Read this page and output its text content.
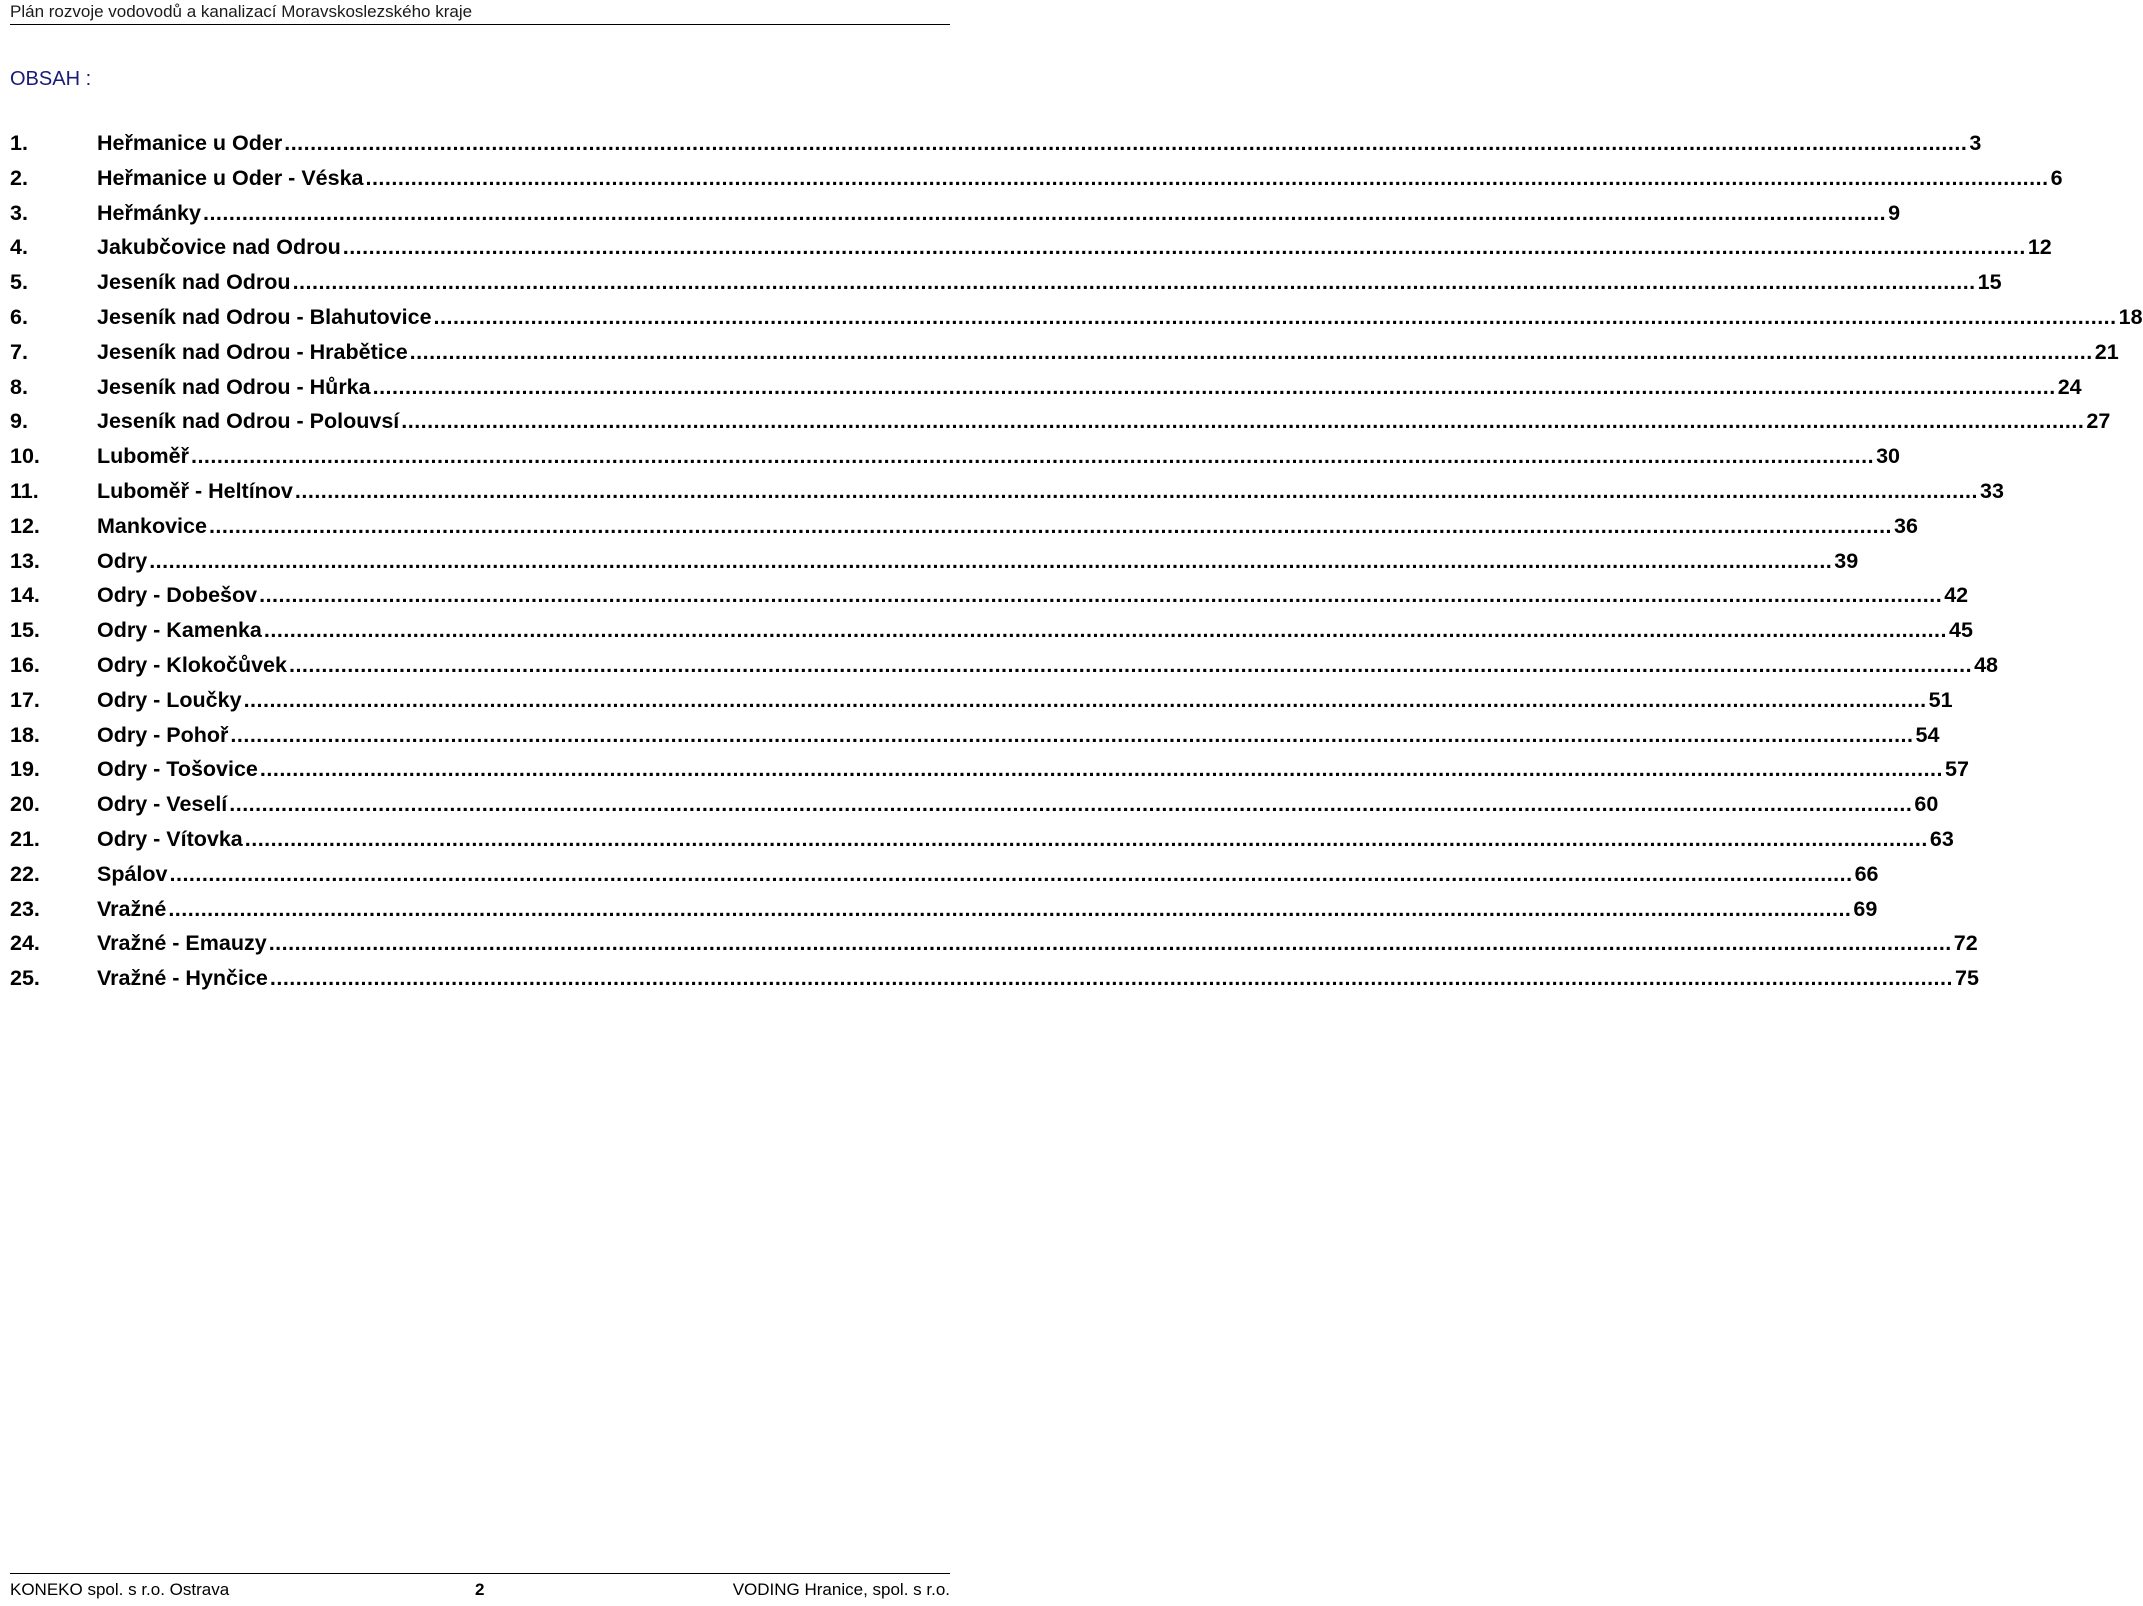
Plán rozvoje vodovodů a kanalizací Moravskoslezského kraje
OBSAH :
1.	Heřmanice u Oder .................................................................................................................................................................................................................................................................... 3
2.	Heřmanice u Oder - Véska .................................................................................................................................................................................................................................................................... 6
3.	Heřmánky .................................................................................................................................................................................................................................................................... 9
4.	Jakubčovice nad Odrou .................................................................................................................................................................................................................................................................... 12
5.	Jeseník nad Odrou .................................................................................................................................................................................................................................................................... 15
6.	Jeseník nad Odrou - Blahutovice .................................................................................................................................................................................................................................................................... 18
7.	Jeseník nad Odrou - Hrabětice .................................................................................................................................................................................................................................................................... 21
8.	Jeseník nad Odrou - Hůrka .................................................................................................................................................................................................................................................................... 24
9.	Jeseník nad Odrou - Polouvsí .................................................................................................................................................................................................................................................................... 27
10.	Luboměř .................................................................................................................................................................................................................................................................... 30
11.	Luboměř - Heltínov .................................................................................................................................................................................................................................................................... 33
12.	Mankovice .................................................................................................................................................................................................................................................................... 36
13.	Odry .................................................................................................................................................................................................................................................................... 39
14.	Odry - Dobešov .................................................................................................................................................................................................................................................................... 42
15.	Odry - Kamenka .................................................................................................................................................................................................................................................................... 45
16.	Odry - Klokočůvek .................................................................................................................................................................................................................................................................... 48
17.	Odry - Loučky .................................................................................................................................................................................................................................................................... 51
18.	Odry - Pohoř .................................................................................................................................................................................................................................................................... 54
19.	Odry - Tošovice .................................................................................................................................................................................................................................................................... 57
20.	Odry - Veselí .................................................................................................................................................................................................................................................................... 60
21.	Odry - Vítovka .................................................................................................................................................................................................................................................................... 63
22.	Spálov .................................................................................................................................................................................................................................................................... 66
23.	Vražné .................................................................................................................................................................................................................................................................... 69
24.	Vražné - Emauzy .................................................................................................................................................................................................................................................................... 72
25.	Vražné - Hynčice .................................................................................................................................................................................................................................................................... 75
KONEKO spol. s r.o. Ostrava	2	VODING Hranice, spol. s r.o.
